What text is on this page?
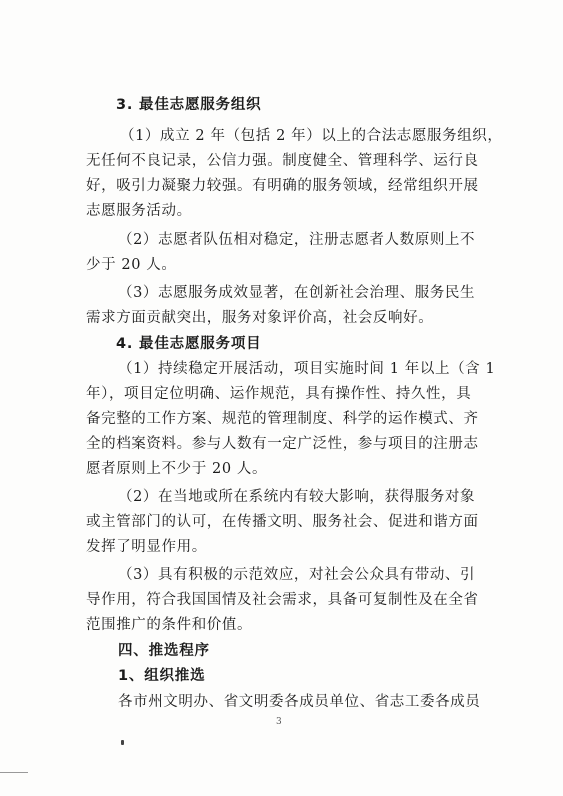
3. 最佳志愿服务组织
（1）成立 2 年（包括 2 年）以上的合法志愿服务组织，
无任何不良记录，公信力强。制度健全、管理科学、运行良
好，吸引力凝聚力较强。有明确的服务领域，经常组织开展
志愿服务活动。
（2）志愿者队伍相对稳定，注册志愿者人数原则上不
少于 20 人。
（3）志愿服务成效显著，在创新社会治理、服务民生
需求方面贡献突出，服务对象评价高，社会反响好。
4. 最佳志愿服务项目
（1）持续稳定开展活动，项目实施时间 1 年以上（含 1
年），项目定位明确、运作规范，具有操作性、持久性，具
备完整的工作方案、规范的管理制度、科学的运作模式、齐
全的档案资料。参与人数有一定广泛性，参与项目的注册志
愿者原则上不少于 20 人。
（2）在当地或所在系统内有较大影响，获得服务对象
或主管部门的认可，在传播文明、服务社会、促进和谐方面
发挥了明显作用。
（3）具有积极的示范效应，对社会公众具有带动、引
导作用，符合我国国情及社会需求，具备可复制性及在全省
范围推广的条件和价值。
四、推选程序
1、组织推选
各市州文明办、省文明委各成员单位、省志工委各成员
3
